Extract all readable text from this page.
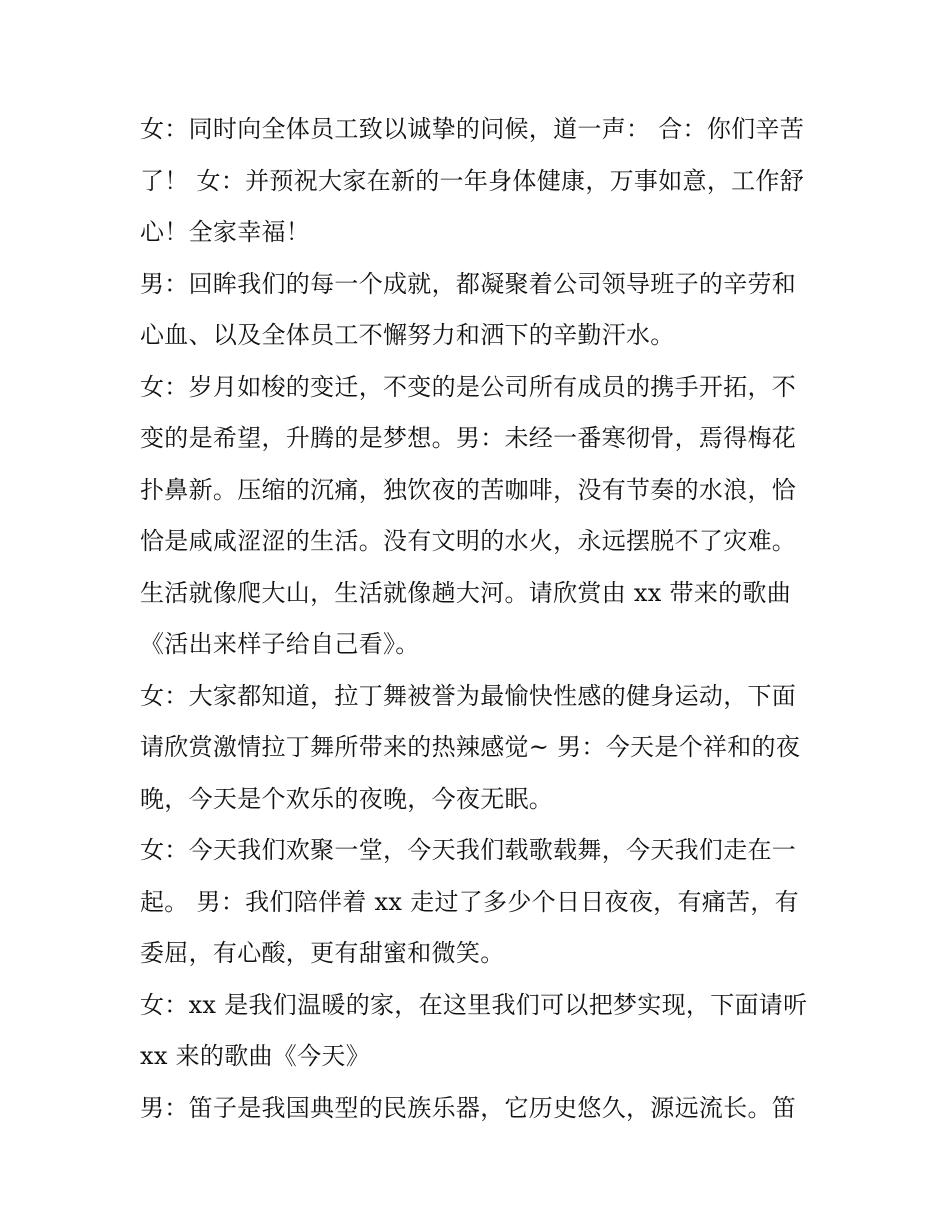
女：同时向全体员工致以诚挚的问候，道一声： 合：你们辛苦了！ 女：并预祝大家在新的一年身体健康，万事如意，工作舒心！全家幸福！

男：回眸我们的每一个成就，都凝聚着公司领导班子的辛劳和心血、以及全体员工不懈努力和洒下的辛勤汗水。

女：岁月如梭的变迁，不变的是公司所有成员的携手开拓，不变的是希望，升腾的是梦想。男：未经一番寒彻骨，焉得梅花扑鼻新。压缩的沉痛，独饮夜的苦咖啡，没有节奏的水浪，恰恰是咸咸涩涩的生活。没有文明的水火，永远摆脱不了灾难。生活就像爬大山，生活就像趟大河。请欣赏由 xx 带来的歌曲《活出来样子给自己看》。

女：大家都知道，拉丁舞被誉为最愉快性感的健身运动，下面请欣赏激情拉丁舞所带来的热辣感觉~ 男：今天是个祥和的夜晚，今天是个欢乐的夜晚，今夜无眠。

女：今天我们欢聚一堂，今天我们载歌载舞，今天我们走在一起。 男：我们陪伴着 xx 走过了多少个日日夜夜，有痛苦，有委屈，有心酸，更有甜蜜和微笑。

女：xx 是我们温暖的家，在这里我们可以把梦实现，下面请听 xx 来的歌曲《今天》

男：笛子是我国典型的民族乐器，它历史悠久，源远流长。笛
